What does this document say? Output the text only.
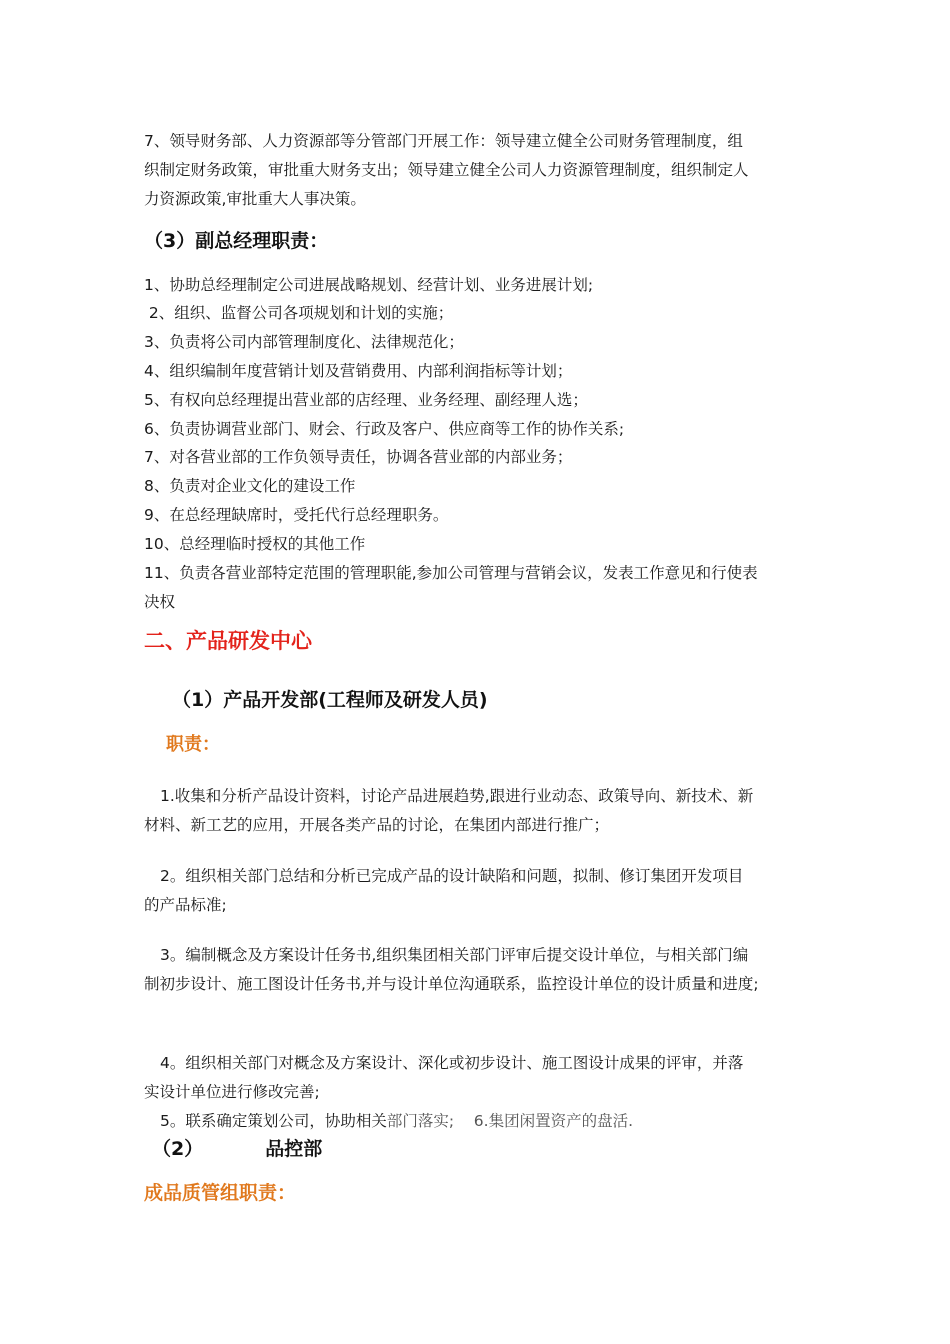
7、领导财务部、人力资源部等分管部门开展工作：领导建立健全公司财务管理制度，组
织制定财务政策，审批重大财务支出；领导建立健全公司人力资源管理制度，组织制定人
力资源政策,审批重大人事决策。
（3）副总经理职责：
1、协助总经理制定公司进展战略规划、经营计划、业务进展计划;
2、组织、监督公司各项规划和计划的实施；
3、负责将公司内部管理制度化、法律规范化；
4、组织编制年度营销计划及营销费用、内部利润指标等计划；
5、有权向总经理提出营业部的店经理、业务经理、副经理人选；
6、负责协调营业部门、财会、行政及客户、供应商等工作的协作关系;
7、对各营业部的工作负领导责任，协调各营业部的内部业务；
8、负责对企业文化的建设工作
9、在总经理缺席时，受托代行总经理职务。
10、总经理临时授权的其他工作
11、负责各营业部特定范围的管理职能,参加公司管理与营销会议，发表工作意见和行使表
决权
二、产品研发中心
（1）产品开发部(工程师及研发人员)
职责：
1.收集和分析产品设计资料，讨论产品进展趋势,跟进行业动态、政策导向、新技术、新
材料、新工艺的应用，开展各类产品的讨论，在集团内部进行推广；
2。组织相关部门总结和分析已完成产品的设计缺陷和问题，拟制、修订集团开发项目
的产品标准;
3。编制概念及方案设计任务书,组织集团相关部门评审后提交设计单位，与相关部门编
制初步设计、施工图设计任务书,并与设计单位沟通联系，监控设计单位的设计质量和进度;
4。组织相关部门对概念及方案设计、深化或初步设计、施工图设计成果的评审，并落
实设计单位进行修改完善;
5。联系确定策划公司，协助相关部门落实;    6.集团闲置资产的盘活.
（2）	品控部
成品质管组职责：
